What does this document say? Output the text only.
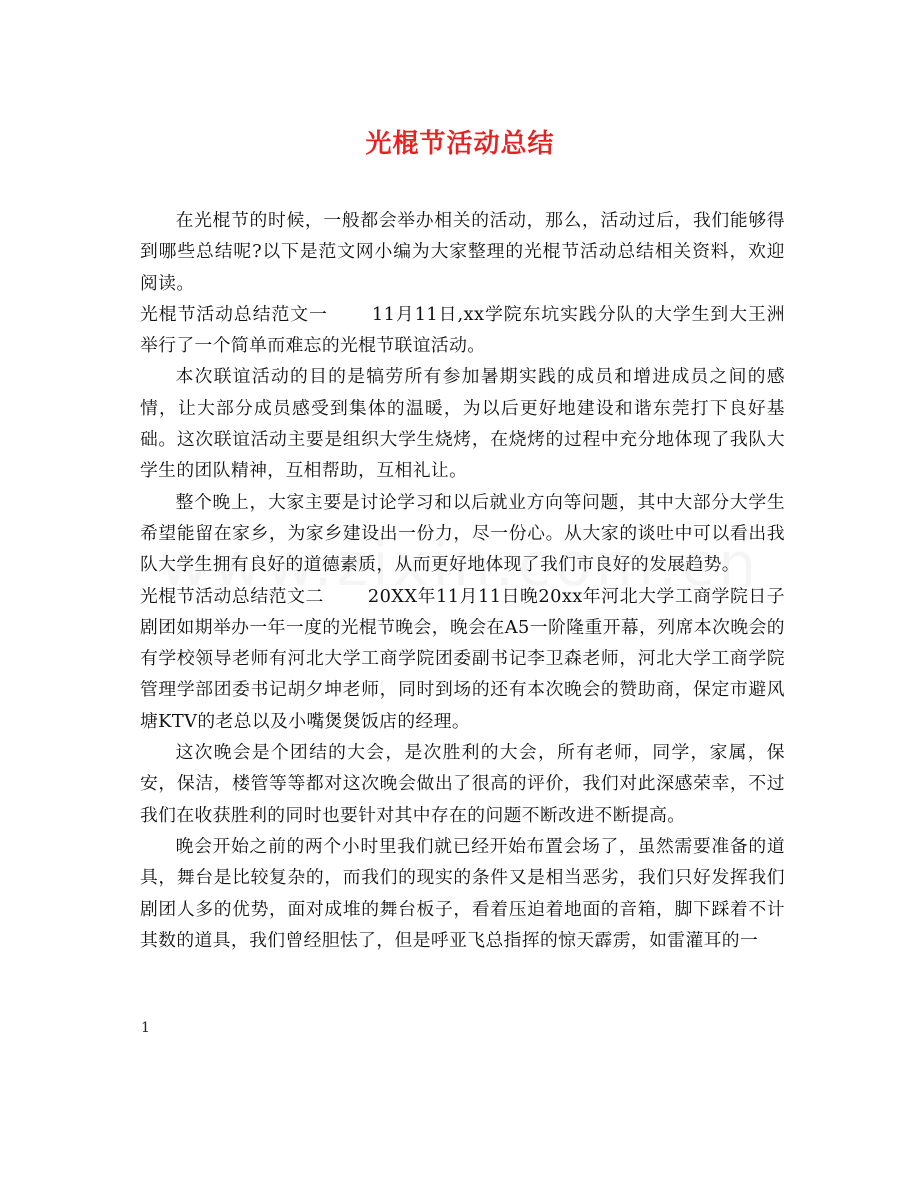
光棍节活动总结

在光棍节的时候，一般都会举办相关的活动，那么，活动过后，我们能够得到哪些总结呢?以下是范文网小编为大家整理的光棍节活动总结相关资料，欢迎阅读。

光棍节活动总结范文一 11月11日,xx学院东坑实践分队的大学生到大王洲举行了一个简单而难忘的光棍节联谊活动。

本次联谊活动的目的是犒劳所有参加暑期实践的成员和增进成员之间的感情，让大部分成员感受到集体的温暖，为以后更好地建设和谐东莞打下良好基础。这次联谊活动主要是组织大学生烧烤，在烧烤的过程中充分地体现了我队大学生的团队精神，互相帮助，互相礼让。

整个晚上，大家主要是讨论学习和以后就业方向等问题，其中大部分大学生希望能留在家乡，为家乡建设出一份力，尽一份心。从大家的谈吐中可以看出我队大学生拥有良好的道德素质，从而更好地体现了我们市良好的发展趋势。

光棍节活动总结范文二 20XX年11月11日晚20xx年河北大学工商学院日子剧团如期举办一年一度的光棍节晚会，晚会在A5一阶隆重开幕，列席本次晚会的有学校领导老师有河北大学工商学院团委副书记李卫森老师，河北大学工商学院管理学部团委书记胡夕坤老师，同时到场的还有本次晚会的赞助商，保定市避风塘KTV的老总以及小嘴煲煲饭店的经理。

这次晚会是个团结的大会，是次胜利的大会，所有老师，同学，家属，保安，保洁，楼管等等都对这次晚会做出了很高的评价，我们对此深感荣幸，不过我们在收获胜利的同时也要针对其中存在的问题不断改进不断提高。

晚会开始之前的两个小时里我们就已经开始布置会场了，虽然需要准备的道具，舞台是比较复杂的，而我们的现实的条件又是相当恶劣，我们只好发挥我们剧团人多的优势，面对成堆的舞台板子，看着压迫着地面的音箱，脚下踩着不计其数的道具，我们曾经胆怯了，但是呼亚飞总指挥的惊天霹雳，如雷灌耳的一

1
